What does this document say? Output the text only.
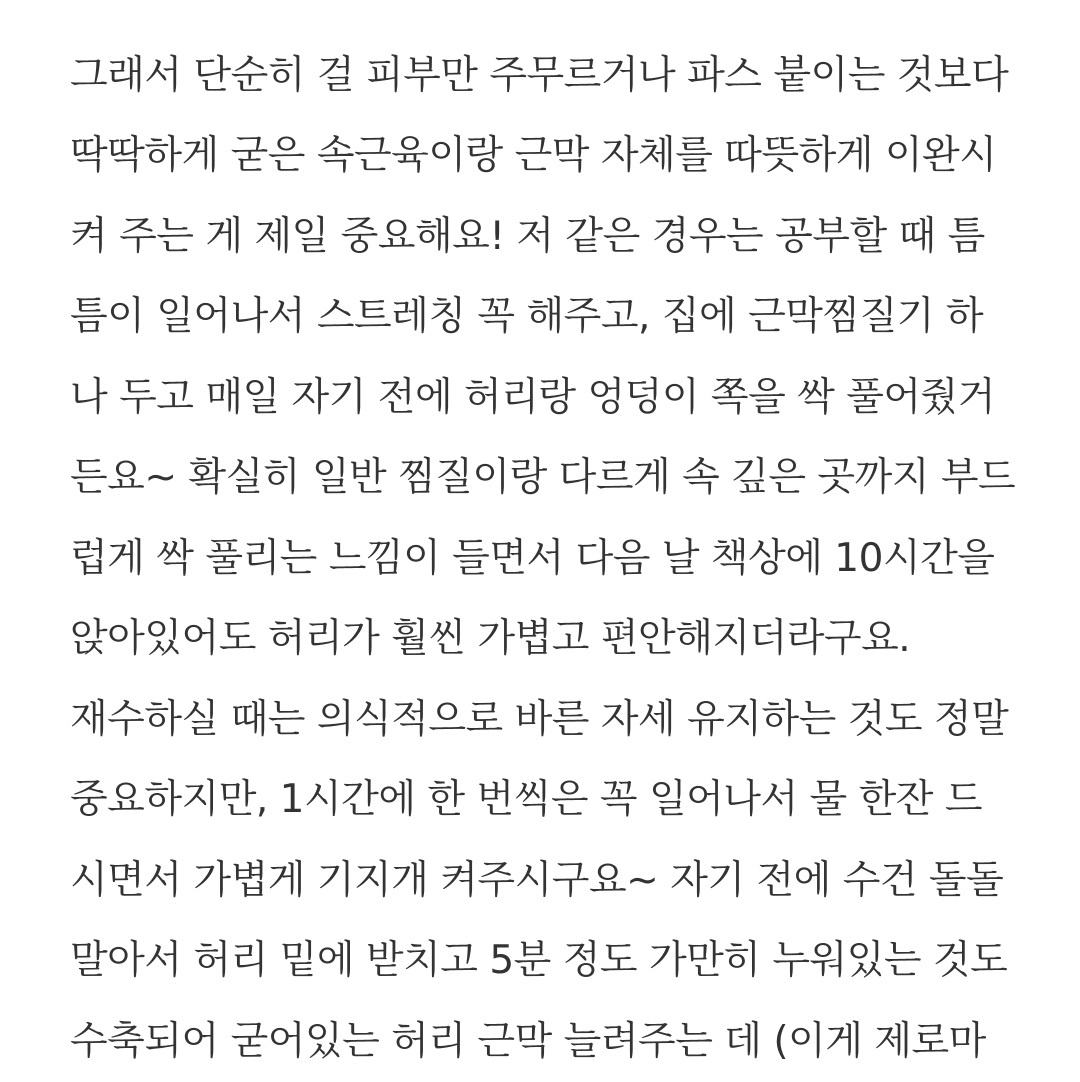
그래서 단순히 걸 피부만 주무르거나 파스 붙이는 것보다
딱딱하게 굳은 속근육이랑 근막 자체를 따뜻하게 이완시
켜 주는 게 제일 중요해요! 저 같은 경우는 공부할 때 틈
틈이 일어나서 스트레칭 꼭 해주고, 집에 근막찜질기 하
나 두고 매일 자기 전에 허리랑 엉덩이 쪽을 싹 풀어줬거
든요~ 확실히 일반 찜질이랑 다르게 속 깊은 곳까지 부드
럽게 싹 풀리는 느낌이 들면서 다음 날 책상에 10시간을
앉아있어도 허리가 훨씬 가볍고 편안해지더라구요.
재수하실 때는 의식적으로 바른 자세 유지하는 것도 정말
중요하지만, 1시간에 한 번씩은 꼭 일어나서 물 한잔 드
시면서 가볍게 기지개 켜주시구요~ 자기 전에 수건 돌돌
말아서 허리 밑에 받치고 5분 정도 가만히 누워있는 것도
수축되어 굳어있는 허리 근막 늘려주는 데 (이게 제로마
